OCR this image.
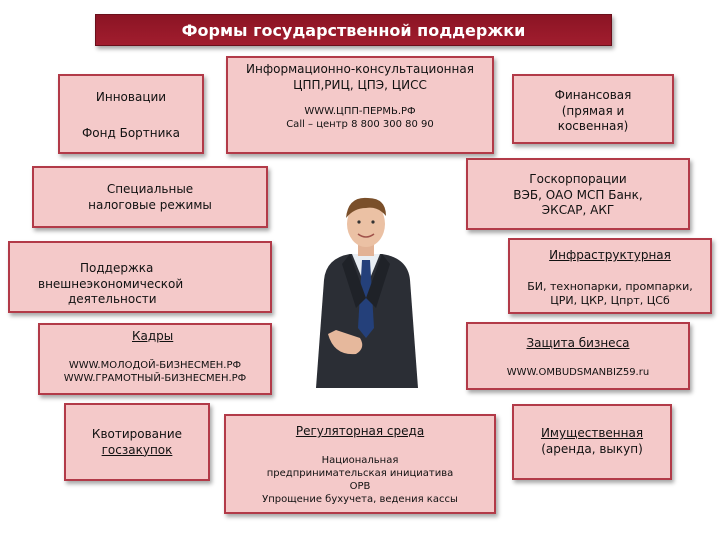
Формы государственной поддержки
Инновации
Фонд Бортника
Информационно-консультационная
ЦПП,РИЦ, ЦПЭ, ЦИСС
WWW.ЦПП-ПЕРМЬ.РФ
Call – центр 8 800 300 80 90
Финансовая
(прямая и
косвенная)
Специальные
налоговые режимы
Госкорпорации
ВЭБ, ОАО МСП Банк,
ЭКСАР, АКГ
Поддержка
внешнеэкономической
деятельности
Инфраструктурная
БИ, технопарки, промпарки,
ЦРИ, ЦКР, Цпрт, ЦСб
Кадры
WWW.МОЛОДОЙ-БИЗНЕСМЕН.РФ
WWW.ГРАМОТНЫЙ-БИЗНЕСМЕН.РФ
Защита бизнеса
WWW.OMBUDSMANBIZ59.ru
Квотирование
госзакупок
Регуляторная среда
Национальная
предпринимательская инициатива
ОРВ
Упрощение бухучета, ведения кассы
Имущественная
(аренда, выкуп)
